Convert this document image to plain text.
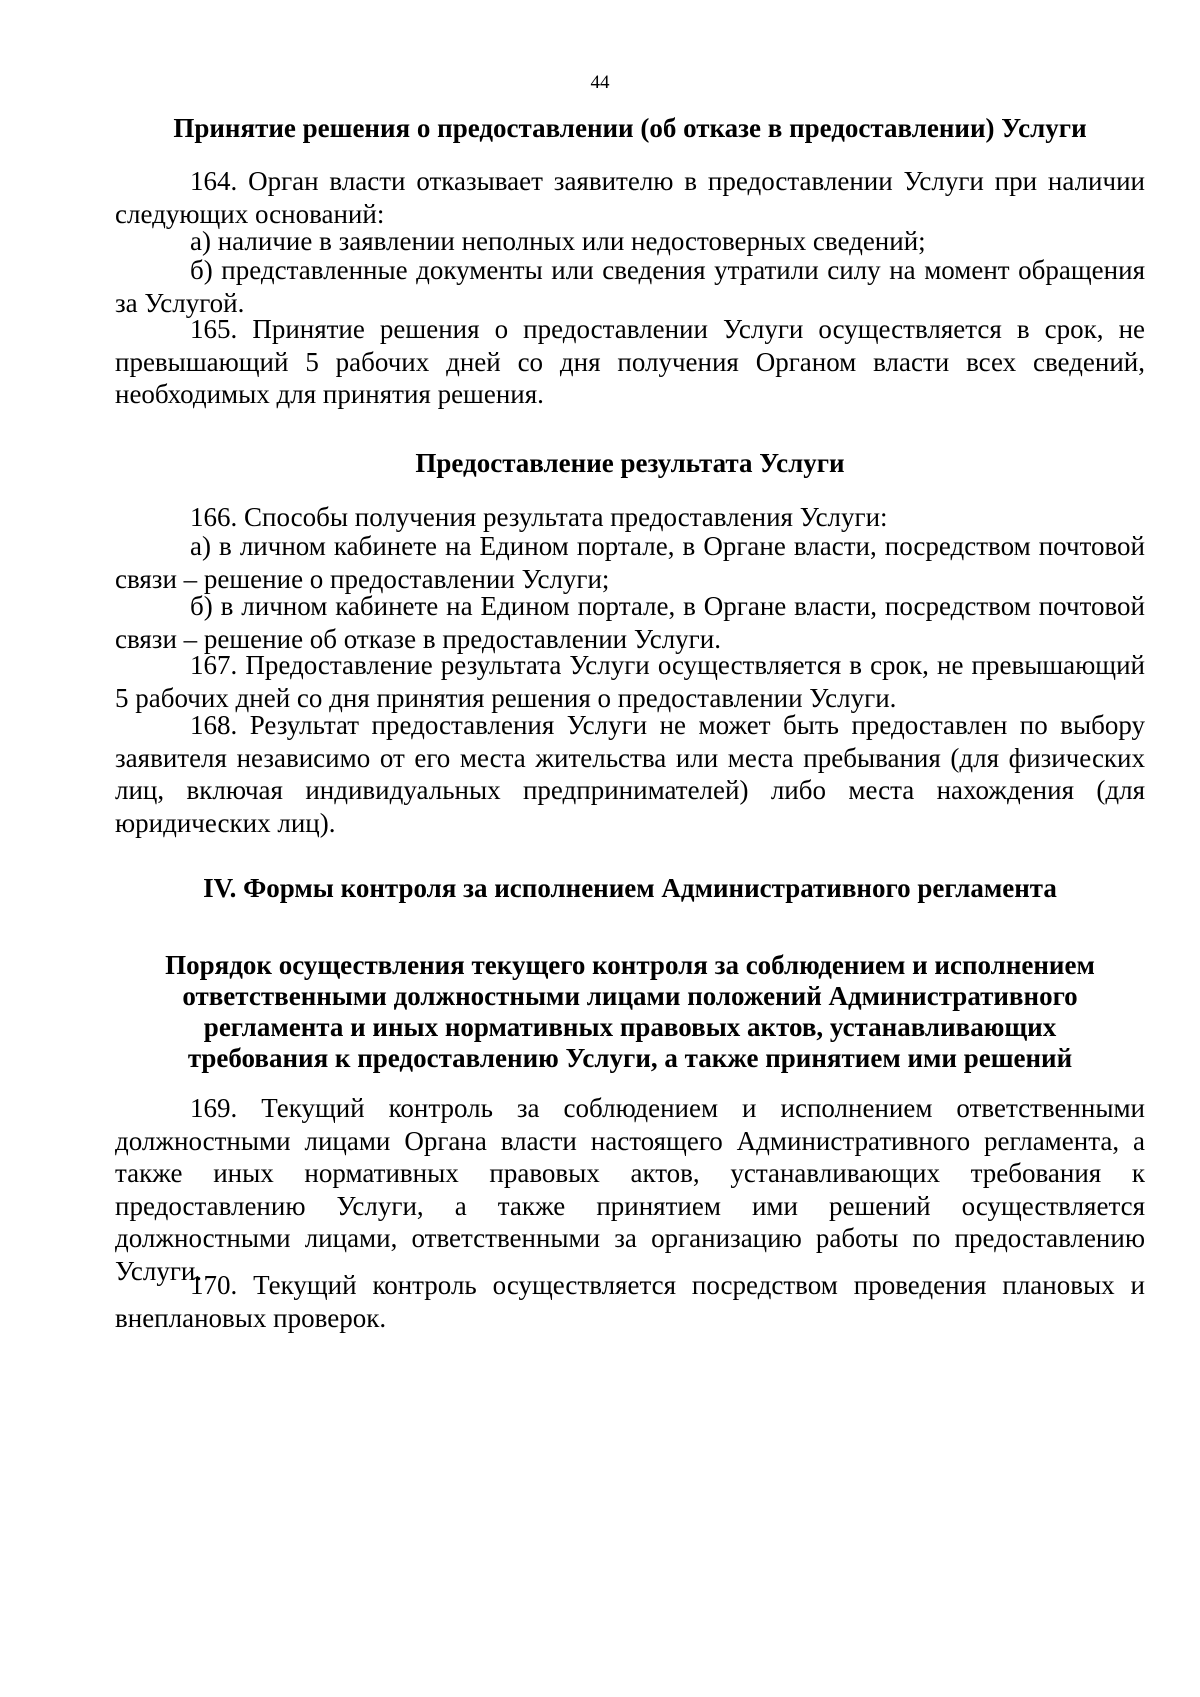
44
Принятие решения о предоставлении (об отказе в предоставлении) Услуги
164. Орган власти отказывает заявителю в предоставлении Услуги при наличии следующих оснований:
а) наличие в заявлении неполных или недостоверных сведений;
б) представленные документы или сведения утратили силу на момент обращения за Услугой.
165. Принятие решения о предоставлении Услуги осуществляется в срок, не превышающий 5 рабочих дней со дня получения Органом власти всех сведений, необходимых для принятия решения.
Предоставление результата Услуги
166. Способы получения результата предоставления Услуги:
а) в личном кабинете на Едином портале, в Органе власти, посредством почтовой связи – решение о предоставлении Услуги;
б) в личном кабинете на Едином портале, в Органе власти, посредством почтовой связи – решение об отказе в предоставлении Услуги.
167. Предоставление результата Услуги осуществляется в срок, не превышающий 5 рабочих дней со дня принятия решения о предоставлении Услуги.
168. Результат предоставления Услуги не может быть предоставлен по выбору заявителя независимо от его места жительства или места пребывания (для физических лиц, включая индивидуальных предпринимателей) либо места нахождения (для юридических лиц).
IV. Формы контроля за исполнением Административного регламента
Порядок осуществления текущего контроля за соблюдением и исполнением
ответственными должностными лицами положений Административного
регламента и иных нормативных правовых актов, устанавливающих
требования к предоставлению Услуги, а также принятием ими решений
169. Текущий контроль за соблюдением и исполнением ответственными должностными лицами Органа власти настоящего Административного регламента, а также иных нормативных правовых актов, устанавливающих требования к предоставлению Услуги, а также принятием ими решений осуществляется должностными лицами, ответственными за организацию работы по предоставлению Услуги.
170. Текущий контроль осуществляется посредством проведения плановых и внеплановых проверок.
